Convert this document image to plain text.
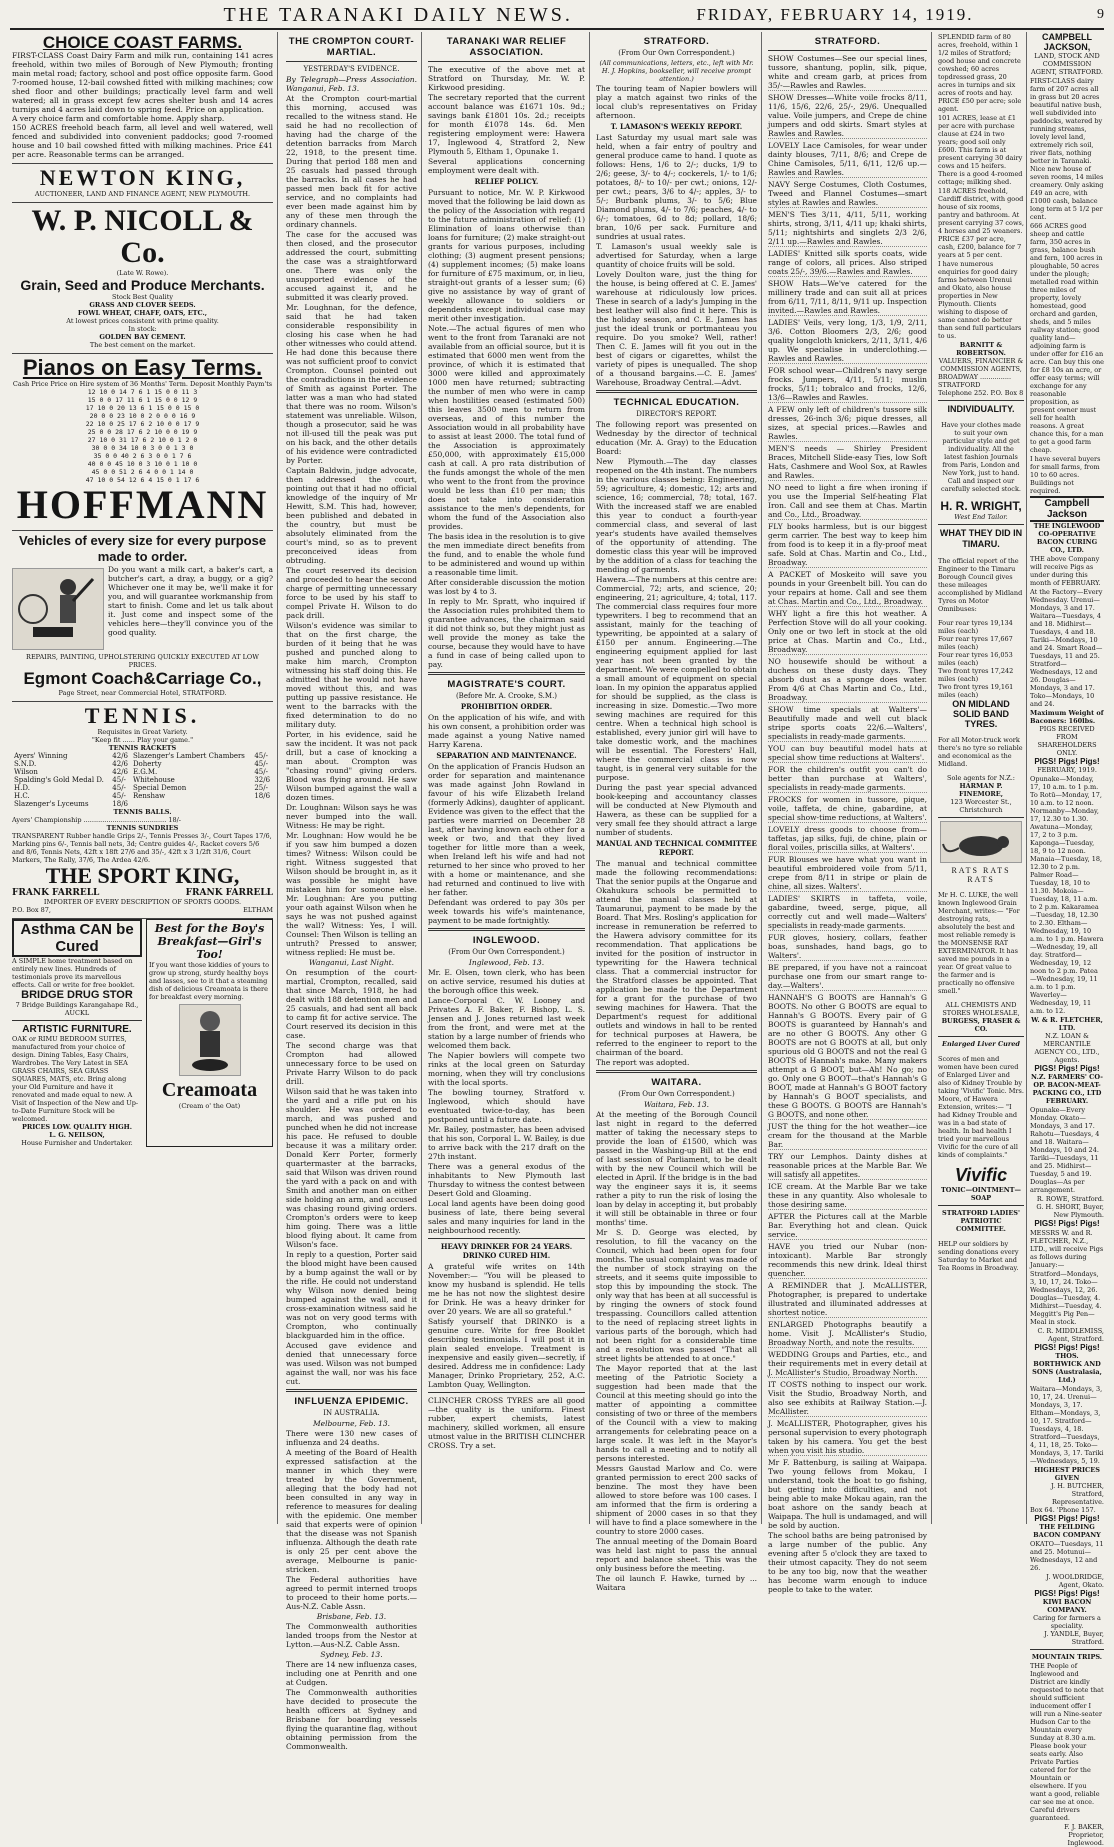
THE TARANAKI DAILY NEWS.	FRIDAY, FEBRUARY 14, 1919.	9
CHOICE COAST FARMS.
FIRST-CLASS Coast Dairy Farm and milk run, containing 141 acres freehold, within two miles of Borough of New Plymouth; fronting main metal road; factory, school and post office opposite farm. Good 7-roomed house, 12-bail cowshed fitted with milking machines; cow shed floor and other buildings; practically level farm and well watered; all in grass except few acres shelter bush and 14 acres turnips and 4 acres laid down to spring feed. Price on application.
A very choice farm and comfortable home. Apply sharp.
150 ACRES freehold beach farm, all level and well watered, well fenced and subdivided into convenient paddocks; good 7-roomed house and 10 bail cowshed fitted with milking machines. Price £41 per acre. Reasonable terms can be arranged.
NEWTON KING,
AUCTIONEER, LAND AND FINANCE AGENT, NEW PLYMOUTH.
W. P. NICOLL & Co.
(Late W. Rowe).
Grain, Seed and Produce Merchants.
Stock Best Quality
GRASS AND CLOVER SEEDS.
FOWL WHEAT, CHAFF, OATS, ETC.,
At lowest prices consistent with prime quality.
In stock:
GOLDEN BAY CEMENT.
The best cement on the market.
Pianos on Easy Terms.
Cash Price Price on Hire system of 36 Months' Term. Deposit Monthly Paym'ts
12 10 0 14 7 6 1 15 0 0 11 3
15 0 0 17 11 6 1 15 0 0 12 9
17 10 0 20 13 6 1 15 0 0 15 0
20 0 0 23 10 0 2 0 0 0 16 9
22 10 0 25 17 6 2 10 0 0 17 9
25 0 0 28 17 6 2 10 0 0 19 9
27 10 0 31 17 6 2 10 0 1 2 0
30 0 0 34 10 0 3 0 0 1 3 0
35 0 0 40 2 6 3 0 0 1 7 6
40 0 0 45 10 0 3 10 0 1 10 0
45 0 0 51 2 6 4 0 0 1 14 0
47 10 0 54 12 6 4 15 0 1 17 6
HOFFMANN
Vehicles of every size for every purpose made to order.
Do you want a milk cart, a baker's cart, a butcher's cart, a dray, a buggy, or a gig? Whichever one it may be, we'll make it for you, and will guarantee workmanship from start to finish. Come and let us talk about it. Just come and inspect some of the vehicles here—they'll convince you of the good quality.
REPAIRS, PAINTING, UPHOLSTERING QUICKLY EXECUTED AT LOW PRICES.
Egmont Coach&Carriage Co.,
Page Street, near Commercial Hotel, STRATFORD.
TENNIS.
Requisites in Great Variety.
"Keep fit ...... Play your game."
TENNIS RACKETS
Ayers' Winning	42/6	Slazenger's Lambert Chambers	45/-
S.N.D.	42/6	Doherty	45/-
Wilson	42/6	E.G.M.	45/-
Spalding's Gold Medal D.	45/-	Whitehouse	32/6
H.D.	45/-	Special Demon	25/-
H.C.	45/-	Renshaw	18/6
Slazenger's Lyceums	18/6		
TENNIS BALLS.
Ayers' Championship ........................................ 18/-
TENNIS SUNDRIES
TRANSPARENT Rubber handle Grips 2/-, Tennis Presses 3/-, Court Tapes 17/6, Marking pins 6/-, Tennis ball nets, 3d; Centre guides 4/-, Racket covers 5/6 and 8/6, Tennis Nets, 42ft x 18ft 27/6 and 35/-, 42ft x 3 1/2ft 31/6, Court Markers, The Rally, 37/6, The Ardea 42/6.
THE SPORT KING,
FRANK FARRELL	FRANK FARRELL
IMPORTER OF EVERY DESCRIPTION OF SPORTS GOODS.
P.O. Box 87,	ELTHAM
Asthma CAN be Cured
A SIMPLE home treatment based on entirely new lines. Hundreds of testimonials prove its marvellous effects. Call or write for free booklet.
BRIDGE DRUG STOR
7 Bridge Buildings Karangahape Rd., AUCKL
ARTISTIC FURNITURE.
OAK or RIMU BEDROOM SUITES, manufactured from your choice of design. Dining Tables, Easy Chairs, Wardrobes. The Very Latest in SEA GRASS CHAIRS, SEA GRASS SQUARES, MATS, etc. Bring along your Old Furniture and have it renovated and made equal to new. A Visit of Inspection of the New and Up-to-Date Furniture Stock will be welcomed.
PRICES LOW. QUALITY HIGH.
L. G. NEILSON,
House Furnisher and Undertaker.
Best for the Boy's Breakfast—Girl's Too!
If you want those kiddies of yours to grow up strong, sturdy healthy boys and lasses, see to it that a steaming dish of delicious Creamoata is there for breakfast every morning.
Creamoata
(Cream o' the Oat)
THE CROMPTON COURT-MARTIAL.
YESTERDAY'S EVIDENCE.
By Telegraph—Press Association. Wanganui, Feb. 13.

At the Crompton court-martial this morning, accused was recalled to the witness stand. He said he had no recollection of having had the charge of the detention barracks from March 22, 1918, to the present time. During that period 188 men and 25 casuals had passed through the barracks. In all cases he had passed men back fit for active service, and no complaints had ever been made against him by any of these men through the ordinary channels.

The case for the accused was then closed, and the prosecutor addressed the court, submitting the case was a straightforward one. There was only the unsupported evidence of the accused against it, and he submitted it was clearly proved.

Mr. Loughnan, for the defence, said that he had taken considerable responsibility in closing his case when he had other witnesses who could attend. He had done this because there was not sufficient proof to convict Crompton. Counsel pointed out the contradictions in the evidence of Smith as against Porter. The latter was a man who had stated that there was no room. Wilson's statement was unreliable. Wilson, though a prosecutor, said he was not ill-used till the peak was put on his back, and the other details of his evidence were contradicted by Porter.

Captain Baldwin, judge advocate, then addressed the court, pointing out that it had no official knowledge of the inquiry of Mr Hewitt, S.M. This had, however, been published and debated in the country, but must be absolutely eliminated from the court's mind, so as to prevent preconceived ideas from obtruding.

The court reserved its decision and proceeded to hear the second charge of permitting unnecessary force to be used by his staff to compel Private H. Wilson to do pack drill.

Wilson's evidence was similar to that on the first charge, the burden of it being that he was pushed and punched along to make him march, Crompton witnessing his staff doing this. He admitted that he would not have moved without this, and was putting up passive resistance. He went to the barracks with the fixed determination to do no military duty.

Porter, in his evidence, said he saw the incident. It was not pack drill, but a case of knocking a man about. Crompton was "chasing round" giving orders. Blood was flying around. He saw Wilson bumped against the wall a dozen times.

Dr. Loughnan: Wilson says he was never bumped into the wall. Witness: He may be right.

Mr. Loughnan: How would he be if you saw him bumped a dozen times? Witness: Wilson could be right. Witness suggested that Wilson should be brought in, as it was possible he might have mistaken him for someone else. Mr. Loughnan: Are you putting your oath against Wilson when he says he was not pushed against the wall? Witness: Yes, I will. Counsel: Then Wilson is telling an untruth? Pressed to answer, witness replied: He must be.

Wanganui, Last Night.

On resumption of the court-martial, Crompton, recalled, said that since March, 1918, he had dealt with 188 detention men and 25 casuals, and had sent all back to camp fit for active service. The Court reserved its decision in this case.

The second charge was that Crompton had allowed unnecessary force to be used on Private Harry Wilson to do pack drill.

Wilson said that he was taken into the yard and a rifle put on his shoulder. He was ordered to march, and was pushed and punched when he did not increase his pace. He refused to double because it was a military order. Donald Kerr Porter, formerly quartermaster at the barracks, said that Wilson was driven round the yard with a pack on and with Smith and another man on either side holding an arm, and accused was chasing round giving orders. Crompton's orders were to keep him going. There was a little blood flying about. It came from Wilson's face.

In reply to a question, Porter said the blood might have been caused by a bump against the wall or by the rifle. He could not understand why Wilson now denied being bumped against the wall, and it cross-examination witness said he was not on very good terms with Crompton, who continually blackguarded him in the office.

Accused gave evidence and denied that unnecessary force was used. Wilson was not bumped against the wall, nor was his face cut.

INFLUENZA EPIDEMIC.
IN AUSTRALIA.
Melbourne, Feb. 13.

There were 130 new cases of influenza and 24 deaths.

A meeting of the Board of Health expressed satisfaction at the manner in which they were treated by the Government, alleging that the body had not been consulted in any way in reference to measures for dealing with the epidemic. One member said that experts were of opinion that the disease was not Spanish influenza. Although the death rate is only 25 per cent above the average, Melbourne is panic-stricken.

The Federal authorities have agreed to permit interned troops to proceed to their home ports.—Aus-N.Z. Cable Assn.

Brisbane, Feb. 13.

The Commonwealth authorities landed troops from the Nestor at Lytton.—Aus-N.Z. Cable Assn.

Sydney, Feb. 13.

There are 14 new influenza cases, including one at Penrith and one at Cudgen.

The Commonwealth authorities have decided to prosecute the health officers at Sydney and Brisbane for boarding vessels flying the quarantine flag, without obtaining permission from the Commonwealth.

TARANAKI WAR RELIEF ASSOCIATION.

The executive of the above met at Stratford on Thursday, Mr. W. P. Kirkwood presiding.

The secretary reported that the current account balance was £1671 10s. 9d.; savings bank £1801 10s. 2d.; receipts for month £1078 14s. 6d. Men registering employment were: Hawera 17, Inglewood 4, Stratford 2, New Plymouth 5, Eltham 1, Opunake 1.

Several applications concerning employment were dealt with.

RELIEF POLICY.

Pursuant to notice, Mr. W. P. Kirkwood moved that the following be laid down as the policy of the Association with regard to the future administration of relief: (1) Elimination of loans otherwise than loans for furniture; (2) make straight-out grants for various purposes, including clothing; (3) augment present pensions; (4) supplement incomes; (5) make loans for furniture of £75 maximum, or, in lieu, straight-out grants of a lesser sum; (6) give no assistance by way of grant of weekly allowance to soldiers or dependents except individual case may merit other investigation.

Note.—The actual figures of men who went to the front from Taranaki are not available from an official source, but it is estimated that 6000 men went from the province, of which it is estimated that 3000 were killed and approximately 1000 men have returned; subtracting the number of men who were in camp when hostilities ceased (estimated 500) this leaves 3500 men to return from overseas, and of this number the Association would in all probability have to assist at least 2000. The total fund of the Association is approximately £50,000, with approximately £15,000 cash at call. A pro rata distribution of the funds amongst the whole of the men who went to the front from the province would be less than £10 per man; this does not take into consideration assistance to the men's dependents, for whom the fund of the Association also provides.

The basis idea in the resolution is to give the men immediate direct benefits from the fund, and to enable the whole fund to be administered and wound up within a reasonable time limit.

After considerable discussion the motion was lost by 4 to 3.

In reply to Mr. Spratt, who inquired if the Association rules prohibited them to guarantee advances, the chairman said it did not think so, but they might just as well provide the money as take the course, because they would have to have a fund in case of being called upon to pay.

MAGISTRATE'S COURT.
(Before Mr. A. Crooke, S.M.)
PROHIBITION ORDER.

On the application of his wife, and with his own consent, a prohibition order was made against a young Native named Harry Karena.

SEPARATION AND MAINTENANCE.

On the application of Francis Hudson an order for separation and maintenance was made against John Rowland in favour of his wife Elizabeth Ireland (formerly Adkins), daughter of applicant. Evidence was given to the effect that the parties were married on December 28 last, after having known each other for a week or two, and that they lived together for little more than a week, when Ireland left his wife and had not returned to her since who proved to her with a home or maintenance, and she had returned and continued to live with her father.

Defendant was ordered to pay 30s per week towards his wife's maintenance, payment to be made fortnightly.

INGLEWOOD.
(From Our Own Correspondent.)
Inglewood, Feb. 13.

Mr. E. Olsen, town clerk, who has been on active service, resumed his duties at the borough office this week.

Lance-Corporal C. W. Looney and Privates A. F. Baker, F. Bishop, L. S. Jensen and J. Jones returned last week from the front, and were met at the station by a large number of friends who welcomed them back.

The Napier bowlers will compete two rinks at the local green on Saturday morning, when they will try conclusions with the local sports.

The bowling tourney, Stratford v. Inglewood, which should have eventuated twice-to-day, has been postponed until a future date.

Mr. Bailey, postmaster, has been advised that his son, Corporal L. W. Bailey, is due to arrive back with the 217 draft on the 27th instant.

There was a general exodus of the inhabitants to New Plymouth last Thursday to witness the contest between Desert Gold and Gloaming.

Local land agents have been doing good business of late, there being several sales and many inquiries for land in the neighbourhood recently.

HEAVY DRINKER FOR 24 YEARS. DRINKO CURED HIM.

A grateful wife writes on 14th November:— "You will be pleased to know my husband is splendid. He tells me he has not now the slightest desire for Drink. He was a heavy drinker for over 20 years. We are all so grateful."

Satisfy yourself that DRINKO is a genuine cure. Write for free Booklet describing testimonials. I will post it in plain sealed envelope. Treatment is inexpensive and easily given—secretly, if desired. Address me in confidence: Lady Manager, Drinko Proprietary, 252, A.C. Lambton Quay, Wellington.

CLINCHER CROSS TYRES are all good—the quality is the uniform. Finest rubber, expert chemists, latest machinery, skilled workmen, all ensure utmost value in the BRITISH CLINCHER CROSS. Try a set.

STRATFORD.
(From Our Own Correspondent.)
(All communications, letters, etc., left with Mr. H. J. Hopkins, bookseller, will receive prompt attention.)

The touring team of Napier bowlers will play a match against two rinks of the local club's representatives on Friday afternoon.

T. LAMASON'S WEEKLY REPORT.

Last Saturday my usual mart sale was held, when a fair entry of poultry and general produce came to hand. I quote as follows: Hens, 1/6 to 2/-; ducks, 1/9 to 2/6; geese, 3/- to 4/-; cockerels, 1/- to 1/6; potatoes, 8/- to 10/- per cwt.; onions, 12/- per cwt.; pears, 3/6 to 4/-; apples, 3/- to 5/-; Burbank plums, 3/- to 5/6; Blue Diamond plums, 4/- to 7/6; peaches, 4/- to 6/-; tomatoes, 6d to 8d; pollard, 18/6; bran, 10/6 per sack. Furniture and sundries at usual rates.

T. Lamason's usual weekly sale is advertised for Saturday, when a large quantity of choice fruits will be sold.

Lovely Doulton ware, just the thing for the house, is being offered at C. E. James' warehouse at ridiculously low prices. These in search of a lady's Jumping in the best leather will also find it here. This is the holiday season, and C. E. James has just the ideal trunk or portmanteau you require. Do you smoke? Well, rather! Then C. E. James will fit you out in the best of cigars or cigarettes, whilst the variety of pipes is unequalled. The shop of a thousand bargains.—C. E. James' Warehouse, Broadway Central.—Advt.

TECHNICAL EDUCATION.
DIRECTOR'S REPORT.

The following report was presented on Wednesday by the director of technical education (Mr. A. Gray) to the Education Board:

New Plymouth.—The day classes reopened on the 4th instant. The numbers in the various classes being: Engineering, 59; agriculture, 4; domestic, 12; arts and science, 16; commercial, 78; total, 167. With the increased staff we are enabled this year to conduct a fourth-year commercial class, and several of last year's students have availed themselves of the opportunity of attending. The domestic class this year will be improved by the addition of a class for teaching the mending of garments.

Hawera.—The numbers at this centre are: Commercial, 72; arts, and science, 20; engineering, 21; agriculture, 4; total, 117. The commercial class requires four more typewriters. I beg to recommend that an assistant, mainly for the teaching of typewriting, be appointed at a salary of £150 per annum. Engineering.—The engineering equipment applied for last year has not been granted by the department. We were compelled to obtain a small amount of equipment on special loan. In my opinion the apparatus applied for should be supplied, as the class is increasing in size. Domestic.—Two more sewing machines are required for this centre. When a technical high school is established, every junior girl will have to take domestic work, and the machines will be essential. The Foresters' Hall, where the commercial class is now taught, is in general very suitable for the purpose.

During the past year special advanced book-keeping and accountancy classes will be conducted at New Plymouth and Hawera, as these can be supplied for a very small fee they should attract a large number of students.

MANUAL AND TECHNICAL COMMITTEE REPORT.

The manual and technical committee made the following recommendations: That the senior pupils at the Ongarue and Okahukura schools be permitted to attend the manual classes held at Taumarunui, payment to be made by the Board. That Mrs. Rosling's application for increase in remuneration be referred to the Hawera advisory committee for its recommendation. That applications be invited for the position of instructor in typewriting for the Hawera technical class. That a commercial instructor for the Stratford classes be appointed. That application be made to the Department for a grant for the purchase of two sewing machines for Hawera. That the Department's request for additional outlets and windows in hall to be rented for technical purposes at Hawera, be referred to the engineer to report to the chairman of the board.

The report was adopted.

WAITARA.
(From Our Own Correspondent.)
Waitara, Feb. 13.

At the meeting of the Borough Council last night in regard to the deferred matter of taking the necessary steps to provide the loan of £1500, which was passed in the Washing-up Bill at the end of last session of Parliament, to be dealt with by the new Council which will be elected in April. If the bridge is in the bad way the engineer says it is, it seems rather a pity to run the risk of losing the loan by delay in accepting it, but probably it will still be obtainable in three or four months' time.

Mr S. D. George was elected, by resolution, to fill the vacancy on the Council, which had been open for four months. The usual complaint was made of the number of stock straying on the streets, and it seems quite impossible to stop this by impounding the stock. The only way that has been at all successful is by ringing the owners of stock found trespassing. Councillors called attention to the need of replacing street lights in various parts of the borough, which had not been right for a considerable time and a resolution was passed "That all street lights be attended to at once."

The Mayor reported that at the last meeting of the Patriotic Society a suggestion had been made that the Council at this meeting should go into the matter of appointing a committee consisting of two or three of the members of the Council with a view to making arrangements for celebrating peace on a large scale. It was left in the Mayor's hands to call a meeting and to notify all persons interested.

Messrs Gaustad Marlow and Co. were granted permission to erect 200 sacks of benzine. The most they have been allowed to store before was 100 cases. I am informed that the firm is ordering a shipment of 2000 cases in so that they will have to find a place somewhere in the country to store 2000 cases.

The annual meeting of the Domain Board was held last night to pass the annual report and balance sheet. This was the only business before the meeting.

The oil launch F. Hawke, turned by ... Waitara

STRATFORD.

SHOW Costumes—See our special lines, tussore, shantung, poplin, silk, pique, white and cream garb, at prices from 35/-—Rawles and Rawles.

SHOW Dresses—White voile frocks 8/11, 11/6, 15/6, 22/6, 25/-, 29/6. Unequalled value. Voile jumpers, and Crepe de chine jumpers and odd skirts. Smart styles at Rawles and Rawles.

LOVELY Lace Camisoles, for wear under dainty blouses, 7/11, 8/6; and Crepe de Chine Camisoles, 5/11, 6/11, 12/6 up.—Rawles and Rawles.

NAVY Serge Costumes, Cloth Costumes, Tweed and Flannel Costumes—smart styles at Rawles and Rawles.

MEN'S Ties 3/11, 4/11, 5/11, working shirts, strong, 3/11, 4/11 up; khaki shirts, 5/11; nightshirts and singlets 2/3 2/6, 2/11 up.—Rawles and Rawles.

LADIES' Knitted silk sports coats, wide range of colors, all prices. Also striped coats 25/-, 39/6.—Rawles and Rawles.

SHOW Hats—We've catered for the millinery trade and can suit all at prices from 6/11, 7/11, 8/11, 9/11 up. Inspection invited.—Rawles and Rawles.

LADIES' Veils, very long, 1/3, 1/9, 2/11, 3/6. Cotton Bloomers 2/3, 2/6; good quality longcloth knickers, 2/11, 3/11, 4/6 up. We specialise in underclothing.—Rawles and Rawles.

FOR school wear—Children's navy serge frocks. Jumpers, 4/11, 5/11; muslin frocks, 5/11; tobralco and frocks, 12/6, 13/6—Rawles and Rawles.

A FEW only left of children's tussore silk dresses, 26-inch 3/6; pique dresses, all sizes, at special prices.—Rawles and Rawles.

MEN'S needs — Shirley President Braces, Mitchell Slide-easy Ties, low Soft Hats, Cashmere and Wool Sox, at Rawles and Rawles.

NO need to light a fire when ironing if you use the Imperial Self-heating Flat Iron. Call and see them at Chas. Martin and Co., Ltd., Broadway.

FLY books harmless, but is our biggest germ carrier. The best way to keep him from food is to keep it in a fly-proof meat safe. Sold at Chas. Martin and Co., Ltd., Broadway.

A PACKET of Moskeito will save you pounds in your Greenbelt bill. You can do your repairs at home. Call and see them at Chas. Martin and Co., Ltd., Broadway.

WHY light a fire this hot weather. A Perfection Stove will do all your cooking. Only one or two left in stock at the old price at Chas. Martin and Co., Ltd., Broadway.

NO housewife should be without a duchess on these dusty days. They absorb dust as a sponge does water. From 4/6 at Chas Martin and Co., Ltd., Broadway.

SHOW time specials at Walters'—Beautifully made and well cut black stripe sports coats 22/6.—Walters', specialists in ready-made garments.

YOU can buy beautiful model hats at special show time reductions at Walters'.

FOR the children's outfit you can't do better than purchase at Walters', specialists in ready-made garments.

FROCKS for women in tussore, pique, voile, taffeta, de chine, gabardine, at special show-time reductions, at Walters'.

LOVELY dress goods to choose from—taffetas, jap silks, fuji, de chine, plain or floral voiles, priscilla silks, at Walters'.

FUR Blouses we have what you want in beautiful embroidered voile from 5/11, crepe from 8/11 in stripe or plain de chine, all sizes. Walters'.

LADIES' SKIRTS in taffeta, voile, gabardine, tweed, serge, pique, all correctly cut and well made—Walters' specialists in ready-made garments.

FUR gloves, hosiery, collars, feather boas, sunshades, hand bags, go to Walters'.

BE prepared, if you have not a raincoat purchase one from our smart range to-day.—Walters'.

HANNAH'S G BOOTS are Hannah's G BOOTS. No other G BOOTS are equal to Hannah's G BOOTS. Every pair of G BOOTS is guaranteed by Hannah's and are no other G BOOTS. Any other G BOOTS are not G BOOTS at all, but only spurious old G BOOTS and not the real G BOOTS of Hannah's make. Many makers attempt a G BOOT, but—Ah! No go; no go. Only one G BOOT—that's Hannah's G BOOT, made at Hannah's G BOOT factory by Hannah's G BOOT specialists, and these G BOOTS. G BOOTS are Hannah's G BOOTS, and none other.

JUST the thing for the hot weather—ice cream for the thousand at the Marble Bar.

TRY our Lemphos. Dainty dishes at reasonable prices at the Marble Bar. We will satisfy all appetites.

ICE cream. At the Marble Bar we take these in any quantity. Also wholesale to those desiring same.

AFTER the Pictures call at the Marble Bar. Everything hot and clean. Quick service.

HAVE you tried our Nubar (non-intoxicant). Marble Bar strongly recommends this new drink. Ideal thirst quencher.

A REMINDER that J. McALLISTER, Photographer, is prepared to undertake illustrated and illuminated addresses at shortest notice.

ENLARGED Photographs beautify a home. Visit J. McAllister's Studio, Broadway North, and note the results.

WEDDING Groups and Parties, etc., and their requirements met in every detail at J. McAllister's Studio, Broadway North.

IT COSTS nothing to inspect our work. Visit the Studio, Broadway North, and also see exhibits at Railway Station.—J. McAllister.

J. McALLISTER, Photographer, gives his personal supervision to every photograph taken by his camera. You get the best when you visit his studio.

Mr F. Battenburg, is sailing at Waipapa. Two young fellows from Mokau, I understand, took the boat to go fishing, but getting into difficulties, and not being able to make Mokau again, ran the boat ashore on the sandy beach at Waipapa. The hull is undamaged, and will be sold by auction.

The school baths are being patronised by a large number of the public. Any evening after 5 o'clock they are taxed to their utmost capacity. They do not seem to be any too big, now that the weather has become warm enough to induce people to take to the water.

SPLENDID farm of 80 acres, freehold, within 1 1/2 miles of Stratford; good house and concrete cowshed; 60 acres topdressed grass, 20 acres in turnips and six acres of roots and hay. PRICE £50 per acre; sole agent.

101 ACRES, lease at £1 per acre with purchase clause at £24 in two years; good soil only £600. This farm is at present carrying 30 dairy cows and 15 heifers. There is a good 4-roomed cottage; milking shed.

118 ACRES freehold, Cardiff district, with good house of six rooms, pantry and bathroom. At present carrying 37 cows, 4 horses and 25 weaners. PRICE £37 per acre, cash, £200, balance for 7 years at 5 per cent.

I have numerous enquiries for good dairy farms between Urenui and Okato, also house properties in New Plymouth. Clients wishing to dispose of same cannot do better than send full particulars to us.

BARNITT & ROBERTSON.
VALUERS, FINANCIER & COMMISSION AGENTS,
BROADWAY ............... STRATFORD
Telephone 252. P.O. Box 8
INDIVIDUALITY.

Have your clothes made to suit your own particular style and get individuality. All the latest fashion Journals from Paris, London and New York, just to hand. Call and inspect our carefully selected stock.

H. R. WRIGHT,
West End Tailor.
WHAT THEY DID IN TIMARU.

The official report of the Engineer to the Timaru Borough Council gives these mileages accomplished by Midland Tyres on Motor Omnibuses:

Four rear tyres 19,134 miles (each)
Four rear tyres 17,667 miles (each)
Four rear tyres 16,053 miles (each)
Two front tyres 17,242 miles (each)
Two front tyres 19,161 miles (each)
ON MIDLAND SOLID BAND TYRES.

For all Motor-truck work there's no tyre so reliable and economical as the Midland.

Sole agents for N.Z.:
HARMAN P. FINEMORE,
123 Worcester St., Christchurch
RATS RATS RATS

Mr H. C. LUKE, the well known Inglewood Grain Merchant, writes:— "For destroying rats, absolutely the best and most reliable remedy is the MONSENSE RAT EXTERMINATOR. It has saved me pounds in a year. Of great value to the farmer and is practically no offensive smell."

ALL CHEMISTS AND STORES WHOLESALE,
BURGESS, FRASER & CO.
Enlarged Liver Cured

Scores of men and women have been cured of Enlarged Liver and also of Kidney Trouble by taking 'Vivific' Tonic. Mrs. Moore, of Hawera Extension, writes:— "I had Kidney Trouble and was in a bad state of health. In bad health I tried your marvellous Vivific for the cure of all kinds of complaints."

Vivific
TONIC—OINTMENT—SOAP
STRATFORD LADIES' PATRIOTIC COMMITTEE.

HELP our soldiers by sending donations every Saturday to Market and Tea Rooms in Broadway.

CAMPBELL JACKSON,
LAND, STOCK AND COMMISSION AGENT, STRATFORD.

FIRST-CLASS dairy farm of 207 acres all in grass but 20 acres beautiful native bush, well subdivided into paddocks, watered by running streams, lovely level land, extremely rich soil, river flats, nothing better in Taranaki. Nice new house of seven rooms, 14 miles creamery. Only asking £49 an acre, with £1000 cash, balance long term at 5 1/2 per cent.

666 ACRES good sheep and cattle farm, 350 acres in grass, balance bush and fern, 100 acres in ploughable, 50 acres under the plough; metalled road within three miles of property, lovely homestead, good orchard and garden, sheds, and 5 miles railway station; good quality land—adjoining farm is under offer for £16 an acre. Can buy this one for £8 10s an acre, or offer easy terms; will exchange for any reasonable proposition, as present owner must sell for health reasons. A great chance this, for a man to get a good farm cheap.

I have several buyers for small farms, from 10 to 60 acres. Buildings not required.

Campbell Jackson
THE INGLEWOOD CO-OPERATIVE BACON CURING CO., LTD.

THE above Company will receive Pigs as under during this month of FEBRUARY.

At the Factory—Every Wednesday. Urenui—Mondays, 3 and 17. Waitara—Tuesdays, 4 and 18. Midhirst—Tuesdays, 4 and 18. Tariki—Mondays, 10 and 24. Smart Road—Tuesdays, 11 and 25. Stratford—Wednesdays, 12 and 26. Douglas—Mondays, 3 and 17. Toko—Mondays, 10 and 24.

Maximum Weight of Baconers: 160lbs.
PIGS RECEIVED FROM SHAREHOLDERS ONLY.
PIGS! Pigs! Pigs!
FEBRUARY, 1919.

Opunake—Monday, 17, 10 a.m. to 1 p.m. To Rotū—Monday, 17, 10 a.m. to 12 noon. Normanby—Monday, 17, 12.30 to 1.30. Awatuna—Monday, 17, 2 to 3 p.m. Kaponga—Tuesday, 18, 9 to 12 noon. Manaia—Tuesday, 18, 12.30 to 2 p.m. Palmer Road—Tuesday, 18, 10 to 11.30. Mokoia—Tuesday, 18, 11 a.m. to 2 p.m. Kakaramea—Tuesday, 18, 12.30 to 2.30. Eltham—Wednesday, 19, 10 a.m. to 1 p.m. Hawera—Wednesday, 19, all day. Stratford—Wednesday, 19, 12 noon to 2 p.m. Patea—Wednesday, 19, 11 a.m. to 1 p.m. Waverley—Wednesday, 19, 11 a.m. to 12.

W. & R. FLETCHER, LTD.
N.Z. LOAN & MERCANTILE AGENCY CO., LTD., Agents.
PIGS! Pigs! Pigs!
N.Z. FARMERS' CO-OP. BACON-MEAT-PACKING CO., LTD FEBRUARY.

Opunake—Every Monday. Okato—Mondays, 3 and 17. Rahotu—Tuesdays, 4 and 18. Waitara—Mondays, 10 and 24. Tariki—Tuesdays, 11 and 25. Midhirst—Tuesday, 5 and 19. Douglas—As per arrangement.

R. ROWE, Stratford.
G. H. SHORT, Buyer, New Plymouth.
PIGS! Pigs! Pigs!

MESSRS W. and R. FLETCHER, N.Z., LTD., will receive Pigs as follows during January:—

Stratford—Mondays, 3, 10, 17, 24. Toko—Wednesdays, 12, 26. Douglas—Tuesday, 4. Midhirst—Tuesday, 4. Meggitt's Pig Pen—Meal in stock.

C. R. MIDDLEMISS, Agent, Stratford.
PIGS! Pigs! Pigs!
THOS. BORTHWICK AND SONS (Australasia, Ltd.)

Waitara—Mondays, 3, 10, 17, 24. Urenui—Mondays, 3, 17. Eltham—Mondays, 3, 10, 17. Stratford—Tuesdays, 4, 18. Stratford—Tuesdays, 4, 11, 18, 25. Toko—Mondays, 3, 17. Tariki—Wednesdays, 5, 19.

HIGHEST PRICES GIVEN
J. H. BUTCHER, Stratford, Representative.
Box 64. 'Phone 157.
PIGS! Pigs! Pigs!
THE FEILDING BACON COMPANY

OKATO—Tuesdays, 11 and 25. Motunui—Wednesdays, 12 and 26.

J. WOOLDRIDGE, Agent, Okato.
PIGS! Pigs! Pigs!
KIWI BACON COMPANY.
Caring for farmers a speciality.
J. YANDLE, Buyer, Stratford.
MOUNTAIN TRIPS.

THE People of Inglewood and District are kindly requested to note that should sufficient inducement offer I will run a Nine-seater Hudson Car to the Mountain every Sunday at 8.30 a.m. Please book your seats early. Also Private Parties catered for for the Mountain or elsewhere. If you want a good, reliable car see me at once. Careful drivers guaranteed.

F. J. BAKER, Proprietor, Inglewood.
